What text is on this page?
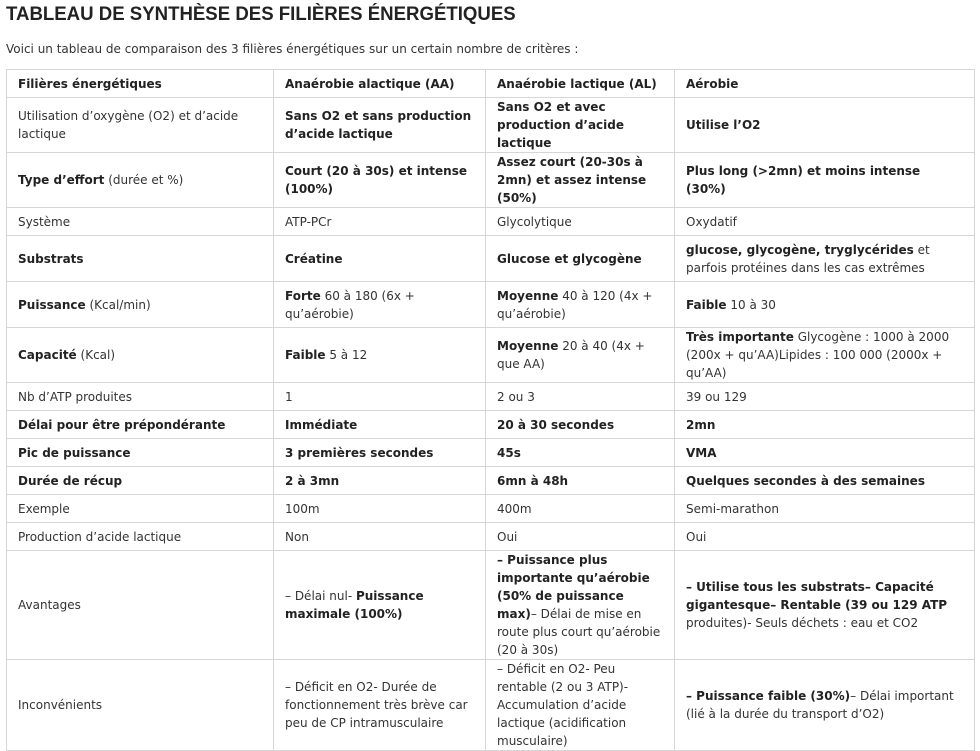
TABLEAU DE SYNTHÈSE DES FILIÈRES ÉNERGÉTIQUES
Voici un tableau de comparaison des 3 filières énergétiques sur un certain nombre de critères :
Filières énergétiques	Anaérobie alactique (AA)	Anaérobie lactique (AL)	Aérobie
Utilisation d’oxygène (O2) et d’acide lactique	Sans O2 et sans production d’acide lactique	Sans O2 et avec production d’acide lactique	Utilise l’O2
Type d’effort (durée et %)	Court (20 à 30s) et intense (100%)	Assez court (20-30s à 2mn) et assez intense (50%)	Plus long (>2mn) et moins intense (30%)
Système	ATP-PCr	Glycolytique	Oxydatif
Substrats	Créatine	Glucose et glycogène	glucose, glycogène, tryglycérides et parfois protéines dans les cas extrêmes
Puissance (Kcal/min)	Forte 60 à 180 (6x + qu’aérobie)	Moyenne 40 à 120 (4x + qu’aérobie)	Faible 10 à 30
Capacité (Kcal)	Faible 5 à 12	Moyenne 20 à 40 (4x + que AA)	Très importante Glycogène : 1000 à 2000 (200x + qu’AA)Lipides : 100 000 (2000x + qu’AA)
Nb d’ATP produites	1	2 ou 3	39 ou 129
Délai pour être prépondérante	Immédiate	20 à 30 secondes	2mn
Pic de puissance	3 premières secondes	45s	VMA
Durée de récup	2 à 3mn	6mn à 48h	Quelques secondes à des semaines
Exemple	100m	400m	Semi-marathon
Production d’acide lactique	Non	Oui	Oui
Avantages	– Délai nul- Puissance maximale (100%)	– Puissance plus importante qu’aérobie (50% de puissance max)– Délai de mise en route plus court qu’aérobie (20 à 30s)	– Utilise tous les substrats– Capacité gigantesque– Rentable (39 ou 129 ATP produites)- Seuls déchets : eau et CO2
Inconvénients	– Déficit en O2- Durée de fonctionnement très brève car peu de CP intramusculaire	– Déficit en O2- Peu rentable (2 ou 3 ATP)- Accumulation d’acide lactique (acidification musculaire)	– Puissance faible (30%)– Délai important (lié à la durée du transport d’O2)
